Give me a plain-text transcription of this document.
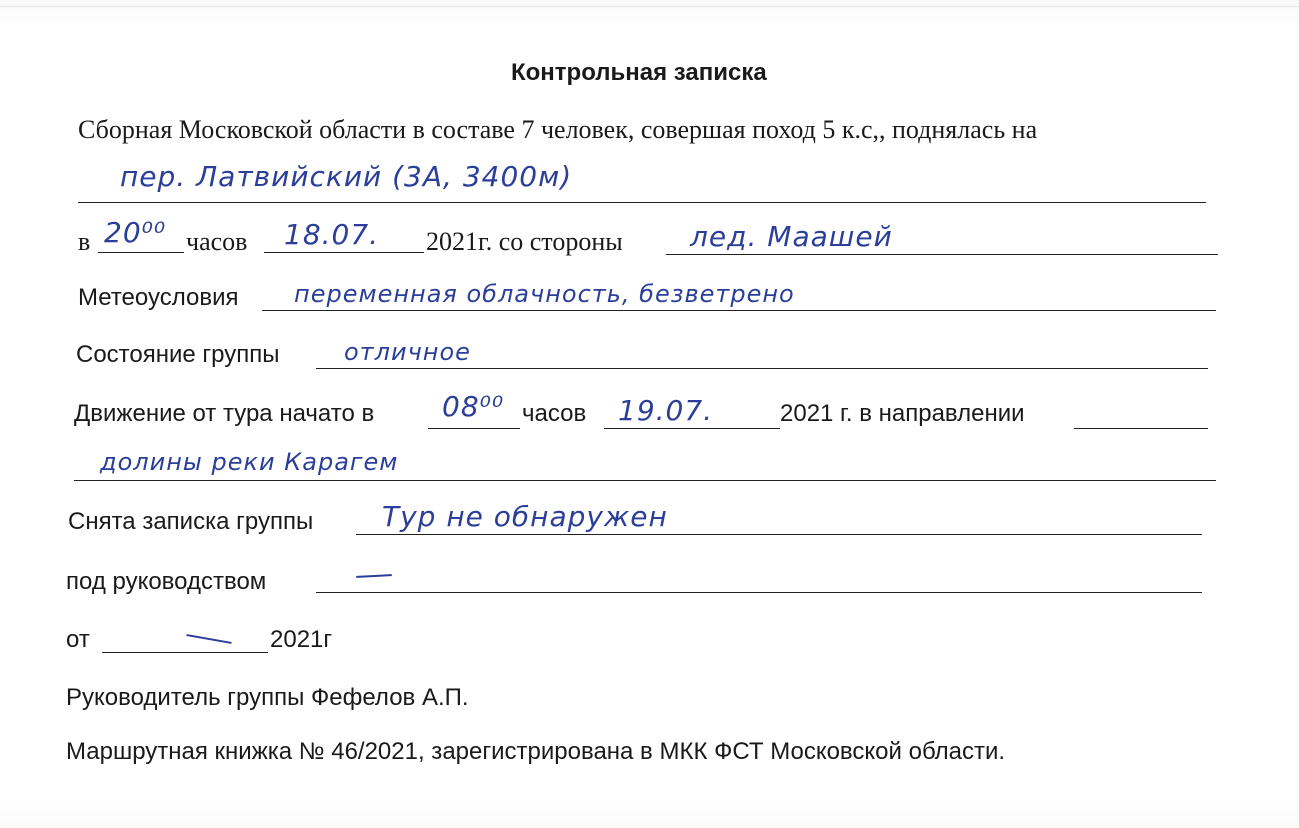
Контрольная записка
Сборная Московской области в составе 7 человек, совершая поход 5 к.с,, поднялась на
пер. Латвийский (3А, 3400м)
в 20⁰⁰ часов 18.07. 2021г. со стороны лед. Маашей
Метеоусловия переменная облачность, безветрено
Состояние группы	отличное
Движение от тура начато в 08⁰⁰ часов 19.07.	2021 г. в направлении
долины реки Карагем
Снята записка группы Тур не обнаружен
под руководством
от	2021г
Руководитель группы Фефелов А.П.
Маршрутная книжка № 46/2021, зарегистрирована в МКК ФСТ Московской области.
